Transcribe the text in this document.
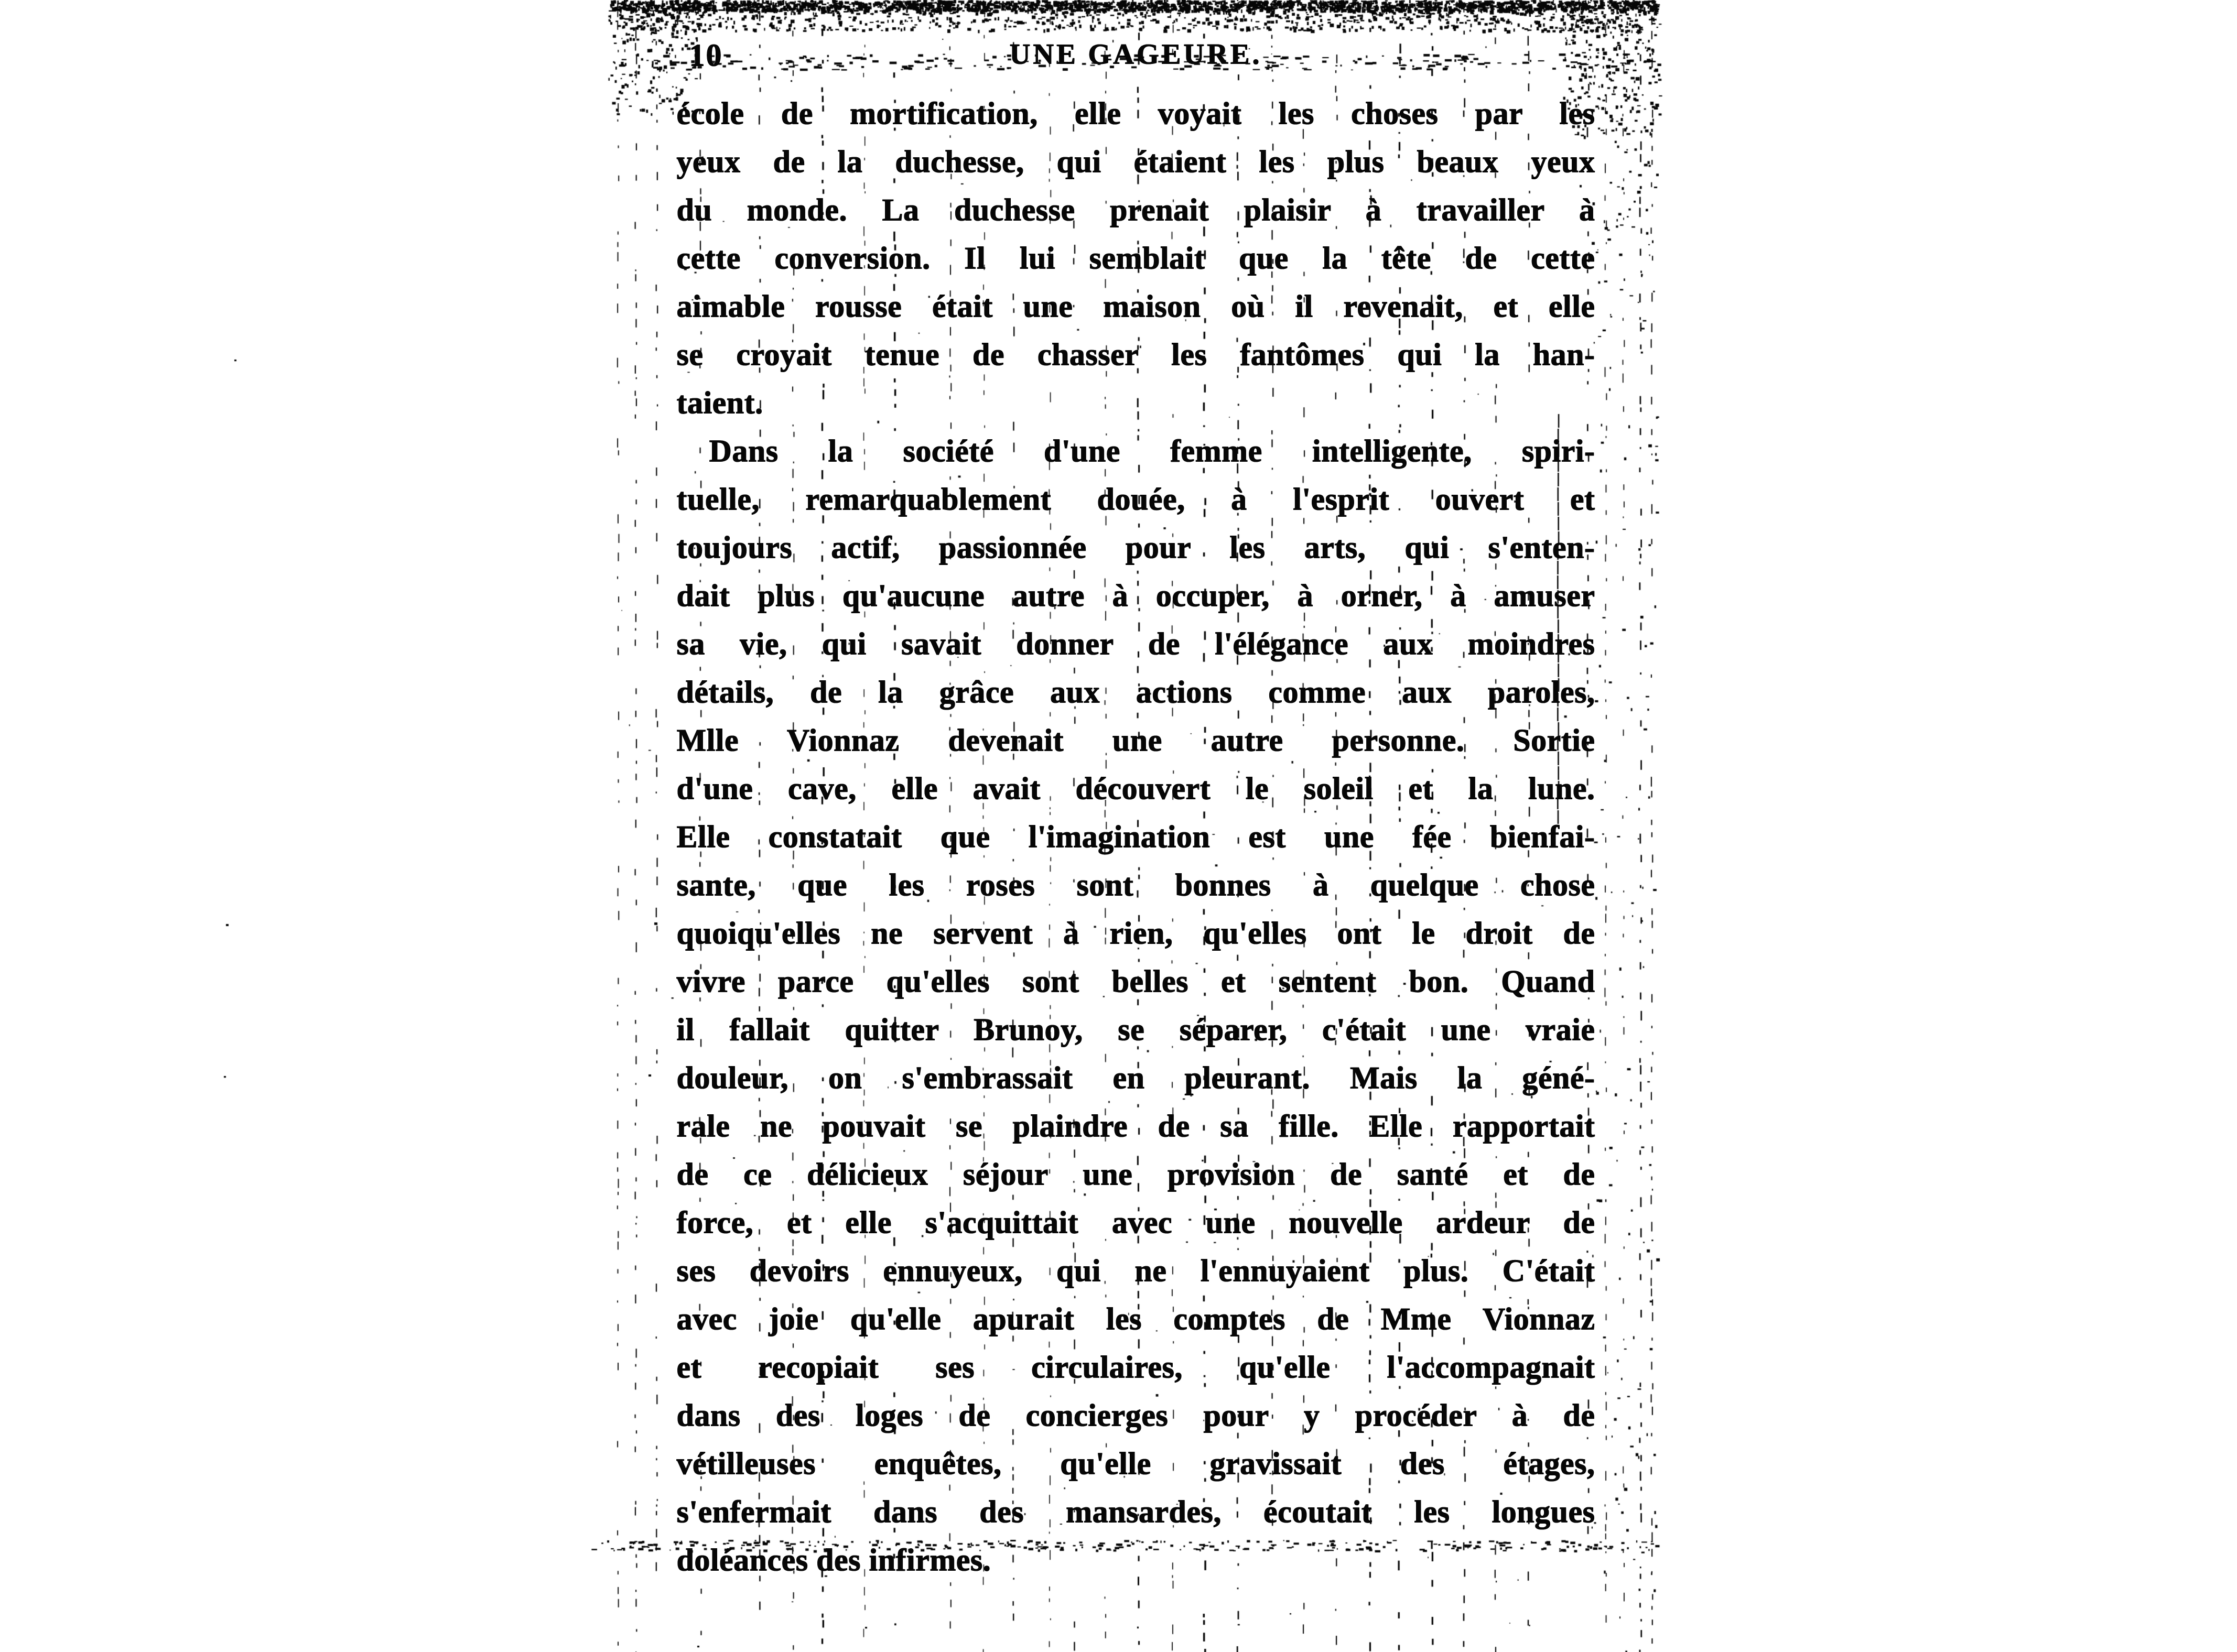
10	UNE GAGEURE.
école de mortification, elle voyait les choses par les
yeux de la duchesse, qui étaient les plus beaux yeux
du monde. La duchesse prenait plaisir à travailler à
cette conversion. Il lui semblait que la tête de cette
aimable rousse était une maison où il revenait, et elle
se croyait tenue de chasser les fantômes qui la han-
taient.
Dans la société d'une femme intelligente, spiri-
tuelle, remarquablement douée, à l'esprit ouvert et
toujours actif, passionnée pour les arts, qui s'enten-
dait plus qu'aucune autre à occuper, à orner, à amuser
sa vie, qui savait donner de l'élégance aux moindres
détails, de la grâce aux actions comme aux paroles,
Mlle Vionnaz devenait une autre personne. Sortie
d'une cave, elle avait découvert le soleil et la lune.
Elle constatait que l'imagination est une fée bienfai-
sante, que les roses sont bonnes à quelque chose
quoiqu'elles ne servent à rien, qu'elles ont le droit de
vivre parce qu'elles sont belles et sentent bon. Quand
il fallait quitter Brunoy, se séparer, c'était une vraie
douleur, on s'embrassait en pleurant. Mais la géné-
rale ne pouvait se plaindre de sa fille. Elle rapportait
de ce délicieux séjour une provision de santé et de
force, et elle s'acquittait avec une nouvelle ardeur de
ses devoirs ennuyeux, qui ne l'ennuyaient plus. C'était
avec joie qu'elle apurait les comptes de Mme Vionnaz
et recopiait ses circulaires, qu'elle l'accompagnait
dans des loges de concierges pour y procéder à de
vétilleuses enquêtes, qu'elle gravissait des étages,
s'enfermait dans des mansardes, écoutait les longues
doléances des infirmes.
